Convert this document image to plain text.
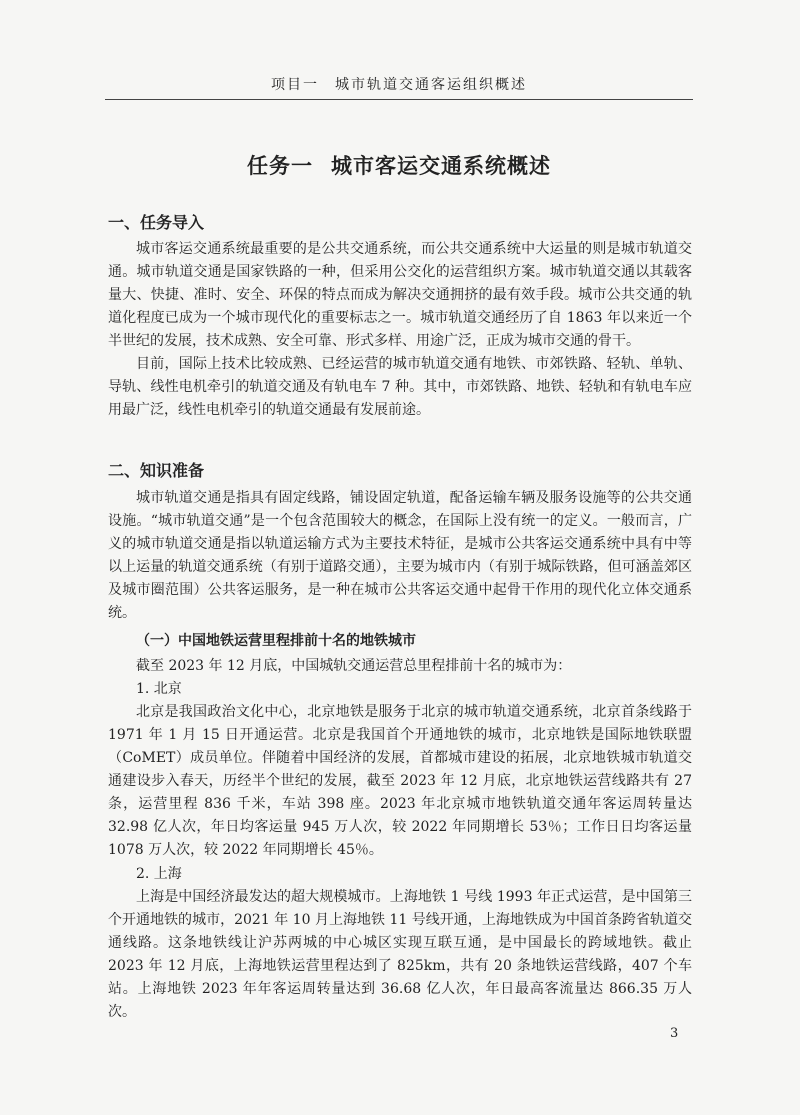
项目一　城市轨道交通客运组织概述
任务一 城市客运交通系统概述
一、任务导入

城市客运交通系统最重要的是公共交通系统，而公共交通系统中大运量的则是城市轨道交通。城市轨道交通是国家铁路的一种，但采用公交化的运营组织方案。城市轨道交通以其载客量大、快捷、准时、安全、环保的特点而成为解决交通拥挤的最有效手段。城市公共交通的轨道化程度已成为一个城市现代化的重要标志之一。城市轨道交通经历了自 1863 年以来近一个半世纪的发展，技术成熟、安全可靠、形式多样、用途广泛，正成为城市交通的骨干。

目前，国际上技术比较成熟、已经运营的城市轨道交通有地铁、市郊铁路、轻轨、单轨、导轨、线性电机牵引的轨道交通及有轨电车 7 种。其中，市郊铁路、地铁、轻轨和有轨电车应用最广泛，线性电机牵引的轨道交通最有发展前途。

二、知识准备

城市轨道交通是指具有固定线路，铺设固定轨道，配备运输车辆及服务设施等的公共交通设施。“城市轨道交通”是一个包含范围较大的概念，在国际上没有统一的定义。一般而言，广义的城市轨道交通是指以轨道运输方式为主要技术特征，是城市公共客运交通系统中具有中等以上运量的轨道交通系统（有别于道路交通），主要为城市内（有别于城际铁路，但可涵盖郊区及城市圈范围）公共客运服务，是一种在城市公共客运交通中起骨干作用的现代化立体交通系统。

（一）中国地铁运营里程排前十名的地铁城市
截至 2023 年 12 月底，中国城轨交通运营总里程排前十名的城市为：
1. 北京

北京是我国政治文化中心，北京地铁是服务于北京的城市轨道交通系统，北京首条线路于 1971 年 1 月 15 日开通运营。北京是我国首个开通地铁的城市，北京地铁是国际地铁联盟（CoMET）成员单位。伴随着中国经济的发展，首都城市建设的拓展，北京地铁城市轨道交通建设步入春天，历经半个世纪的发展，截至 2023 年 12 月底，北京地铁运营线路共有 27 条，运营里程 836 千米，车站 398 座。2023 年北京城市地铁轨道交通年客运周转量达 32.98 亿人次，年日均客运量 945 万人次，较 2022 年同期增长 53％；工作日日均客运量 1078 万人次，较 2022 年同期增长 45％。

2. 上海

上海是中国经济最发达的超大规模城市。上海地铁 1 号线 1993 年正式运营，是中国第三个开通地铁的城市，2021 年 10 月上海地铁 11 号线开通，上海地铁成为中国首条跨省轨道交通线路。这条地铁线让沪苏两城的中心城区实现互联互通，是中国最长的跨域地铁。截止 2023 年 12 月底，上海地铁运营里程达到了 825km，共有 20 条地铁运营线路，407 个车站。上海地铁 2023 年年客运周转量达到 36.68 亿人次，年日最高客流量达 866.35 万人次。

3
